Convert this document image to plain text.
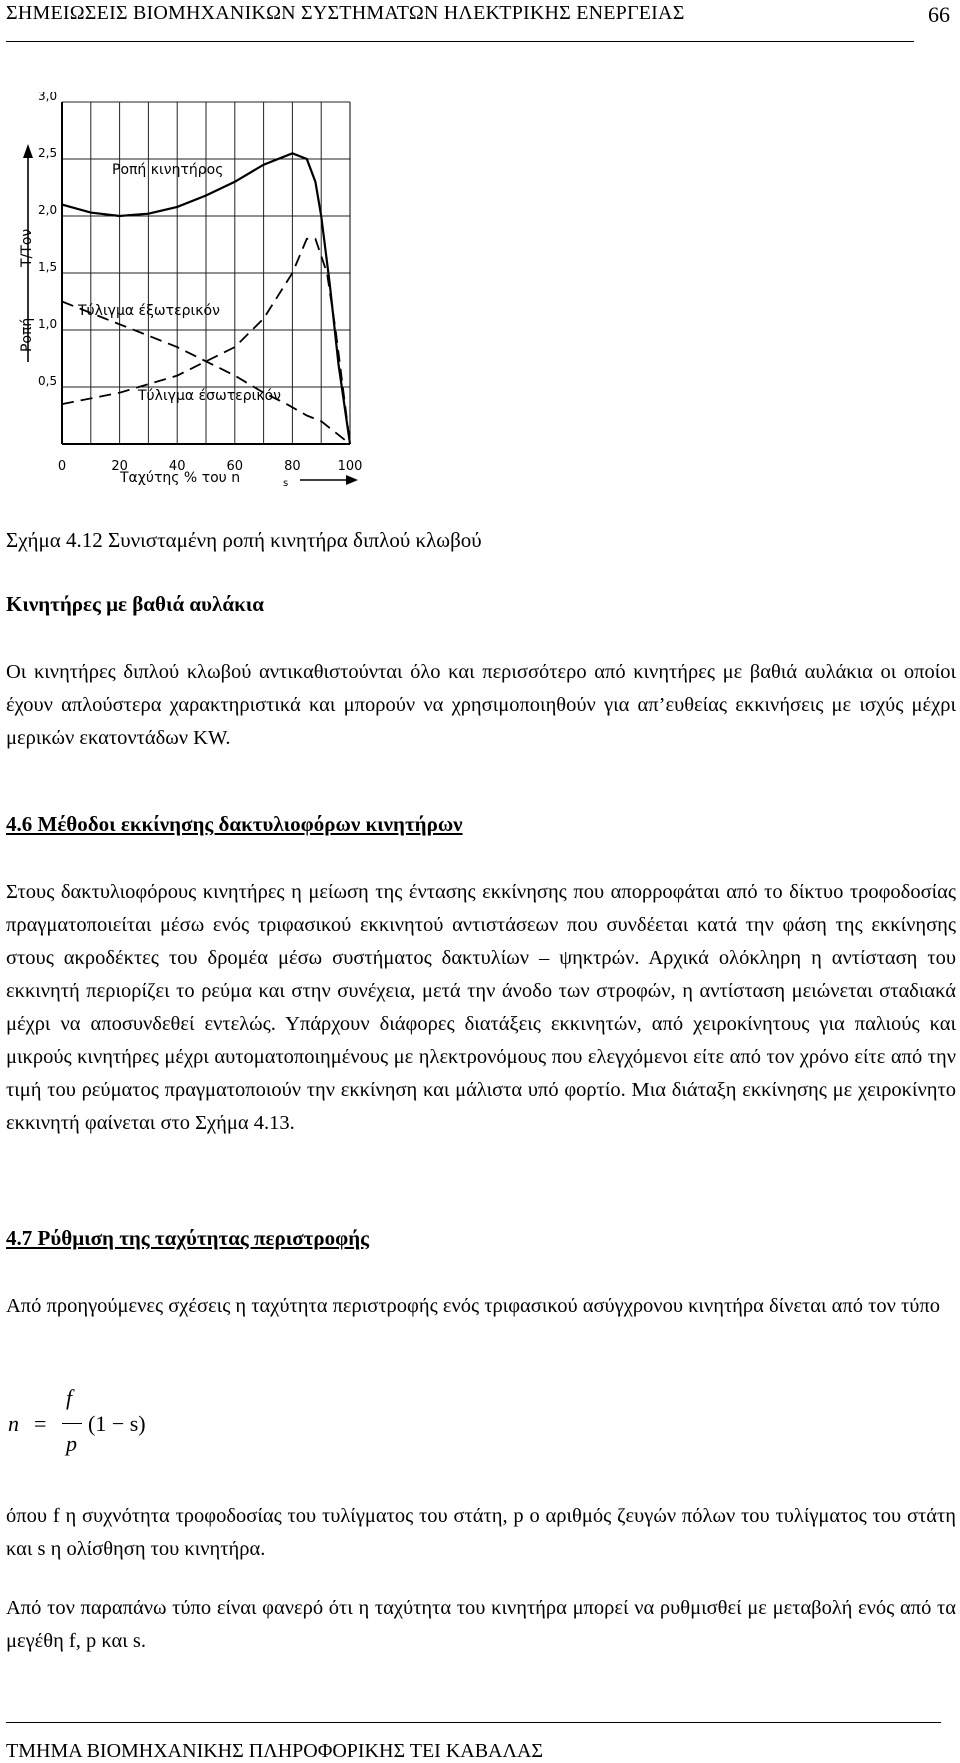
ΣΗΜΕΙΩΣΕΙΣ ΒΙΟΜΗΧΑΝΙΚΩΝ ΣΥΣΤΗΜΑΤΩΝ ΗΛΕΚΤΡΙΚΗΣ ΕΝΕΡΓΕΙΑΣ	66
3,0
2,5
2,0
1,5
1,0
0,5
0	20	40	60	80	100
T/Tον
Ροπή
Ροπή κινητήρος
Τύλιγμα έξωτερικόν
Τύλιγμα έσωτερικόν
Ταχύτης % του n	s
Σχήμα 4.12 Συνισταμένη ροπή κινητήρα διπλού κλωβού
Κινητήρες με βαθιά αυλάκια
Οι κινητήρες διπλού κλωβού αντικαθιστούνται όλο και περισσότερο από κινητήρες με βαθιά αυλάκια οι οποίοι έχουν απλούστερα χαρακτηριστικά και μπορούν να χρησιμοποιηθούν για απ’ευθείας εκκινήσεις με ισχύς μέχρι μερικών εκατοντάδων KW.
4.6 Μέθοδοι εκκίνησης δακτυλιοφόρων κινητήρων
Στους δακτυλιοφόρους κινητήρες η μείωση της έντασης εκκίνησης που απορροφάται από το δίκτυο τροφοδοσίας πραγματοποιείται μέσω ενός τριφασικού εκκινητού αντιστάσεων που συνδέεται κατά την φάση της εκκίνησης στους ακροδέκτες του δρομέα μέσω συστήματος δακτυλίων – ψηκτρών. Αρχικά ολόκληρη η αντίσταση του εκκινητή περιορίζει το ρεύμα και στην συνέχεια, μετά την άνοδο των στροφών, η αντίσταση μειώνεται σταδιακά μέχρι να αποσυνδεθεί εντελώς. Υπάρχουν διάφορες διατάξεις εκκινητών, από χειροκίνητους για παλιούς και μικρούς κινητήρες μέχρι αυτοματοποιημένους με ηλεκτρονόμους που ελεγχόμενοι είτε από τον χρόνο είτε από την τιμή του ρεύματος πραγματοποιούν την εκκίνηση και μάλιστα υπό φορτίο. Μια διάταξη εκκίνησης με χειροκίνητο εκκινητή φαίνεται στο Σχήμα 4.13.
4.7 Ρύθμιση της ταχύτητας περιστροφής
Από προηγούμενες σχέσεις η ταχύτητα περιστροφής ενός τριφασικού ασύγχρονου κινητήρα δίνεται από τον τύπο
n =
f
p
(1 − s)
όπου f η συχνότητα τροφοδοσίας του τυλίγματος του στάτη, p ο αριθμός ζευγών πόλων του τυλίγματος του στάτη και s η ολίσθηση του κινητήρα.
Από τον παραπάνω τύπο είναι φανερό ότι η ταχύτητα του κινητήρα μπορεί να ρυθμισθεί με μεταβολή ενός από τα μεγέθη f, p και s.
ΤΜΗΜΑ ΒΙΟΜΗΧΑΝΙΚΗΣ ΠΛΗΡΟΦΟΡΙΚΗΣ ΤΕΙ ΚΑΒΑΛΑΣ
